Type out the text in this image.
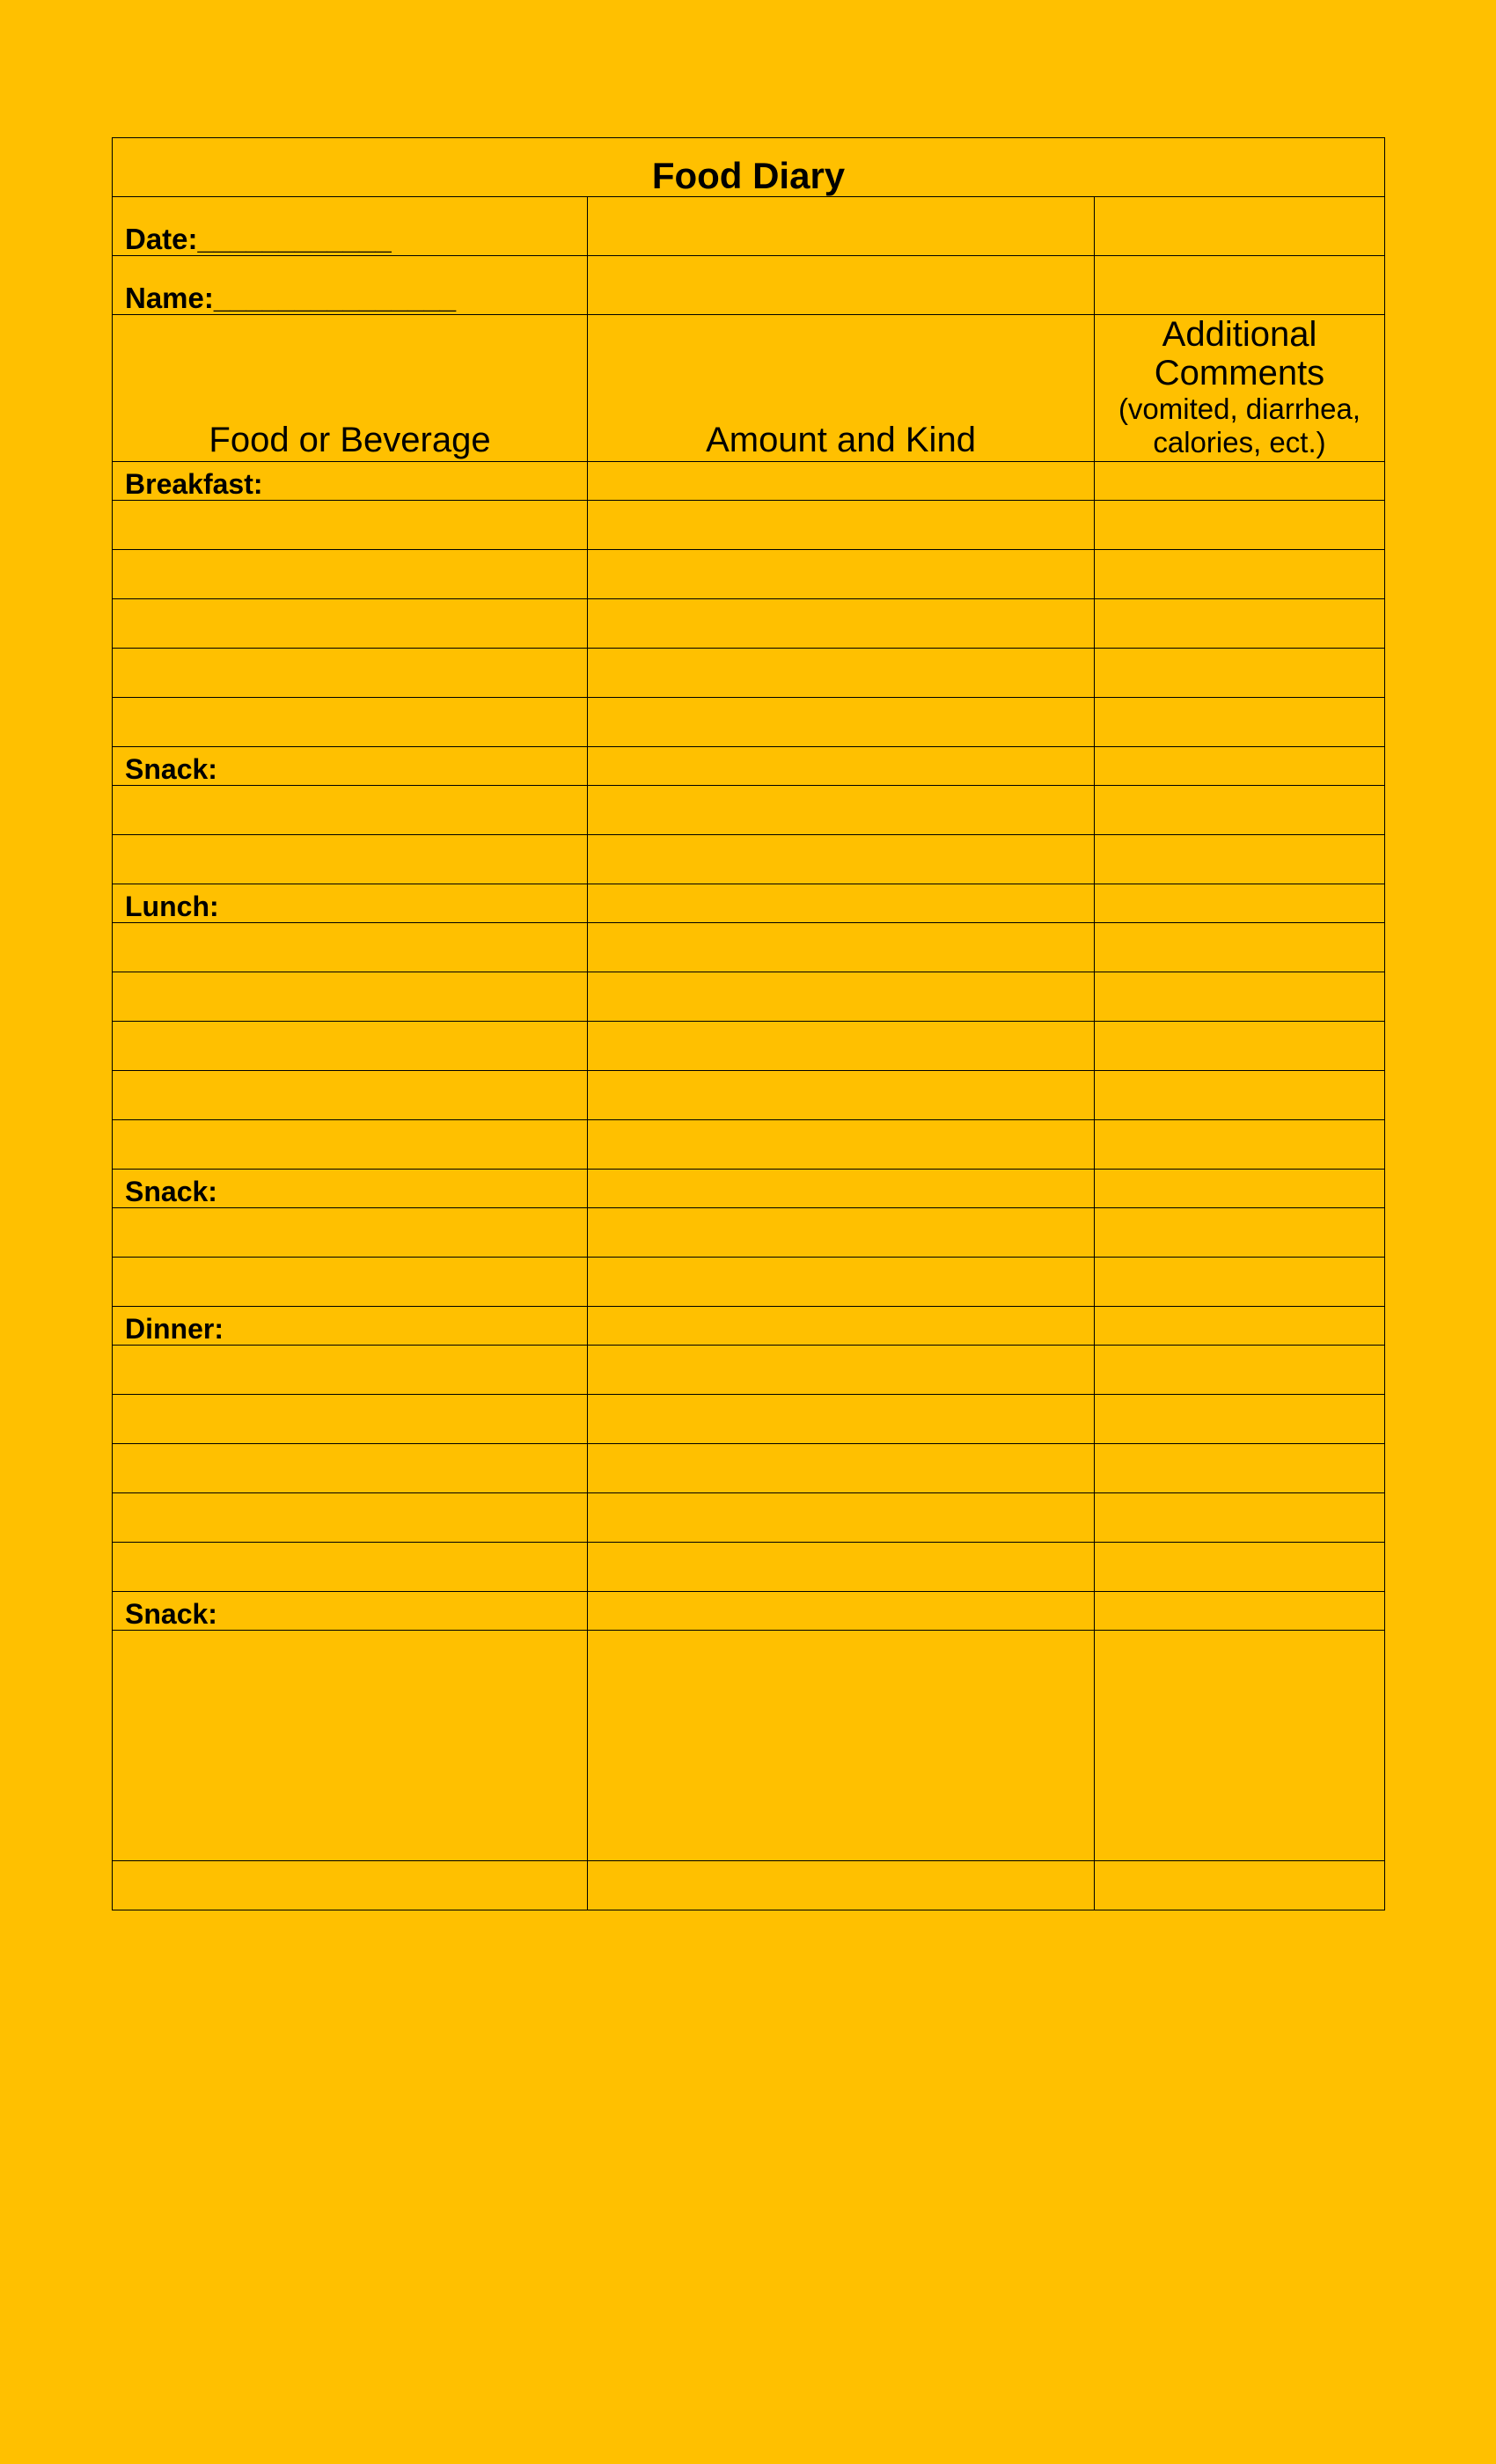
Food Diary		
Date:____________		
Name:_______________		
Food or Beverage	Amount and Kind	Additional Comments
(vomited, diarrhea, calories, ect.)

Breakfast:		

Snack:		

Lunch:		

Snack:		

Dinner:		

Snack:		
